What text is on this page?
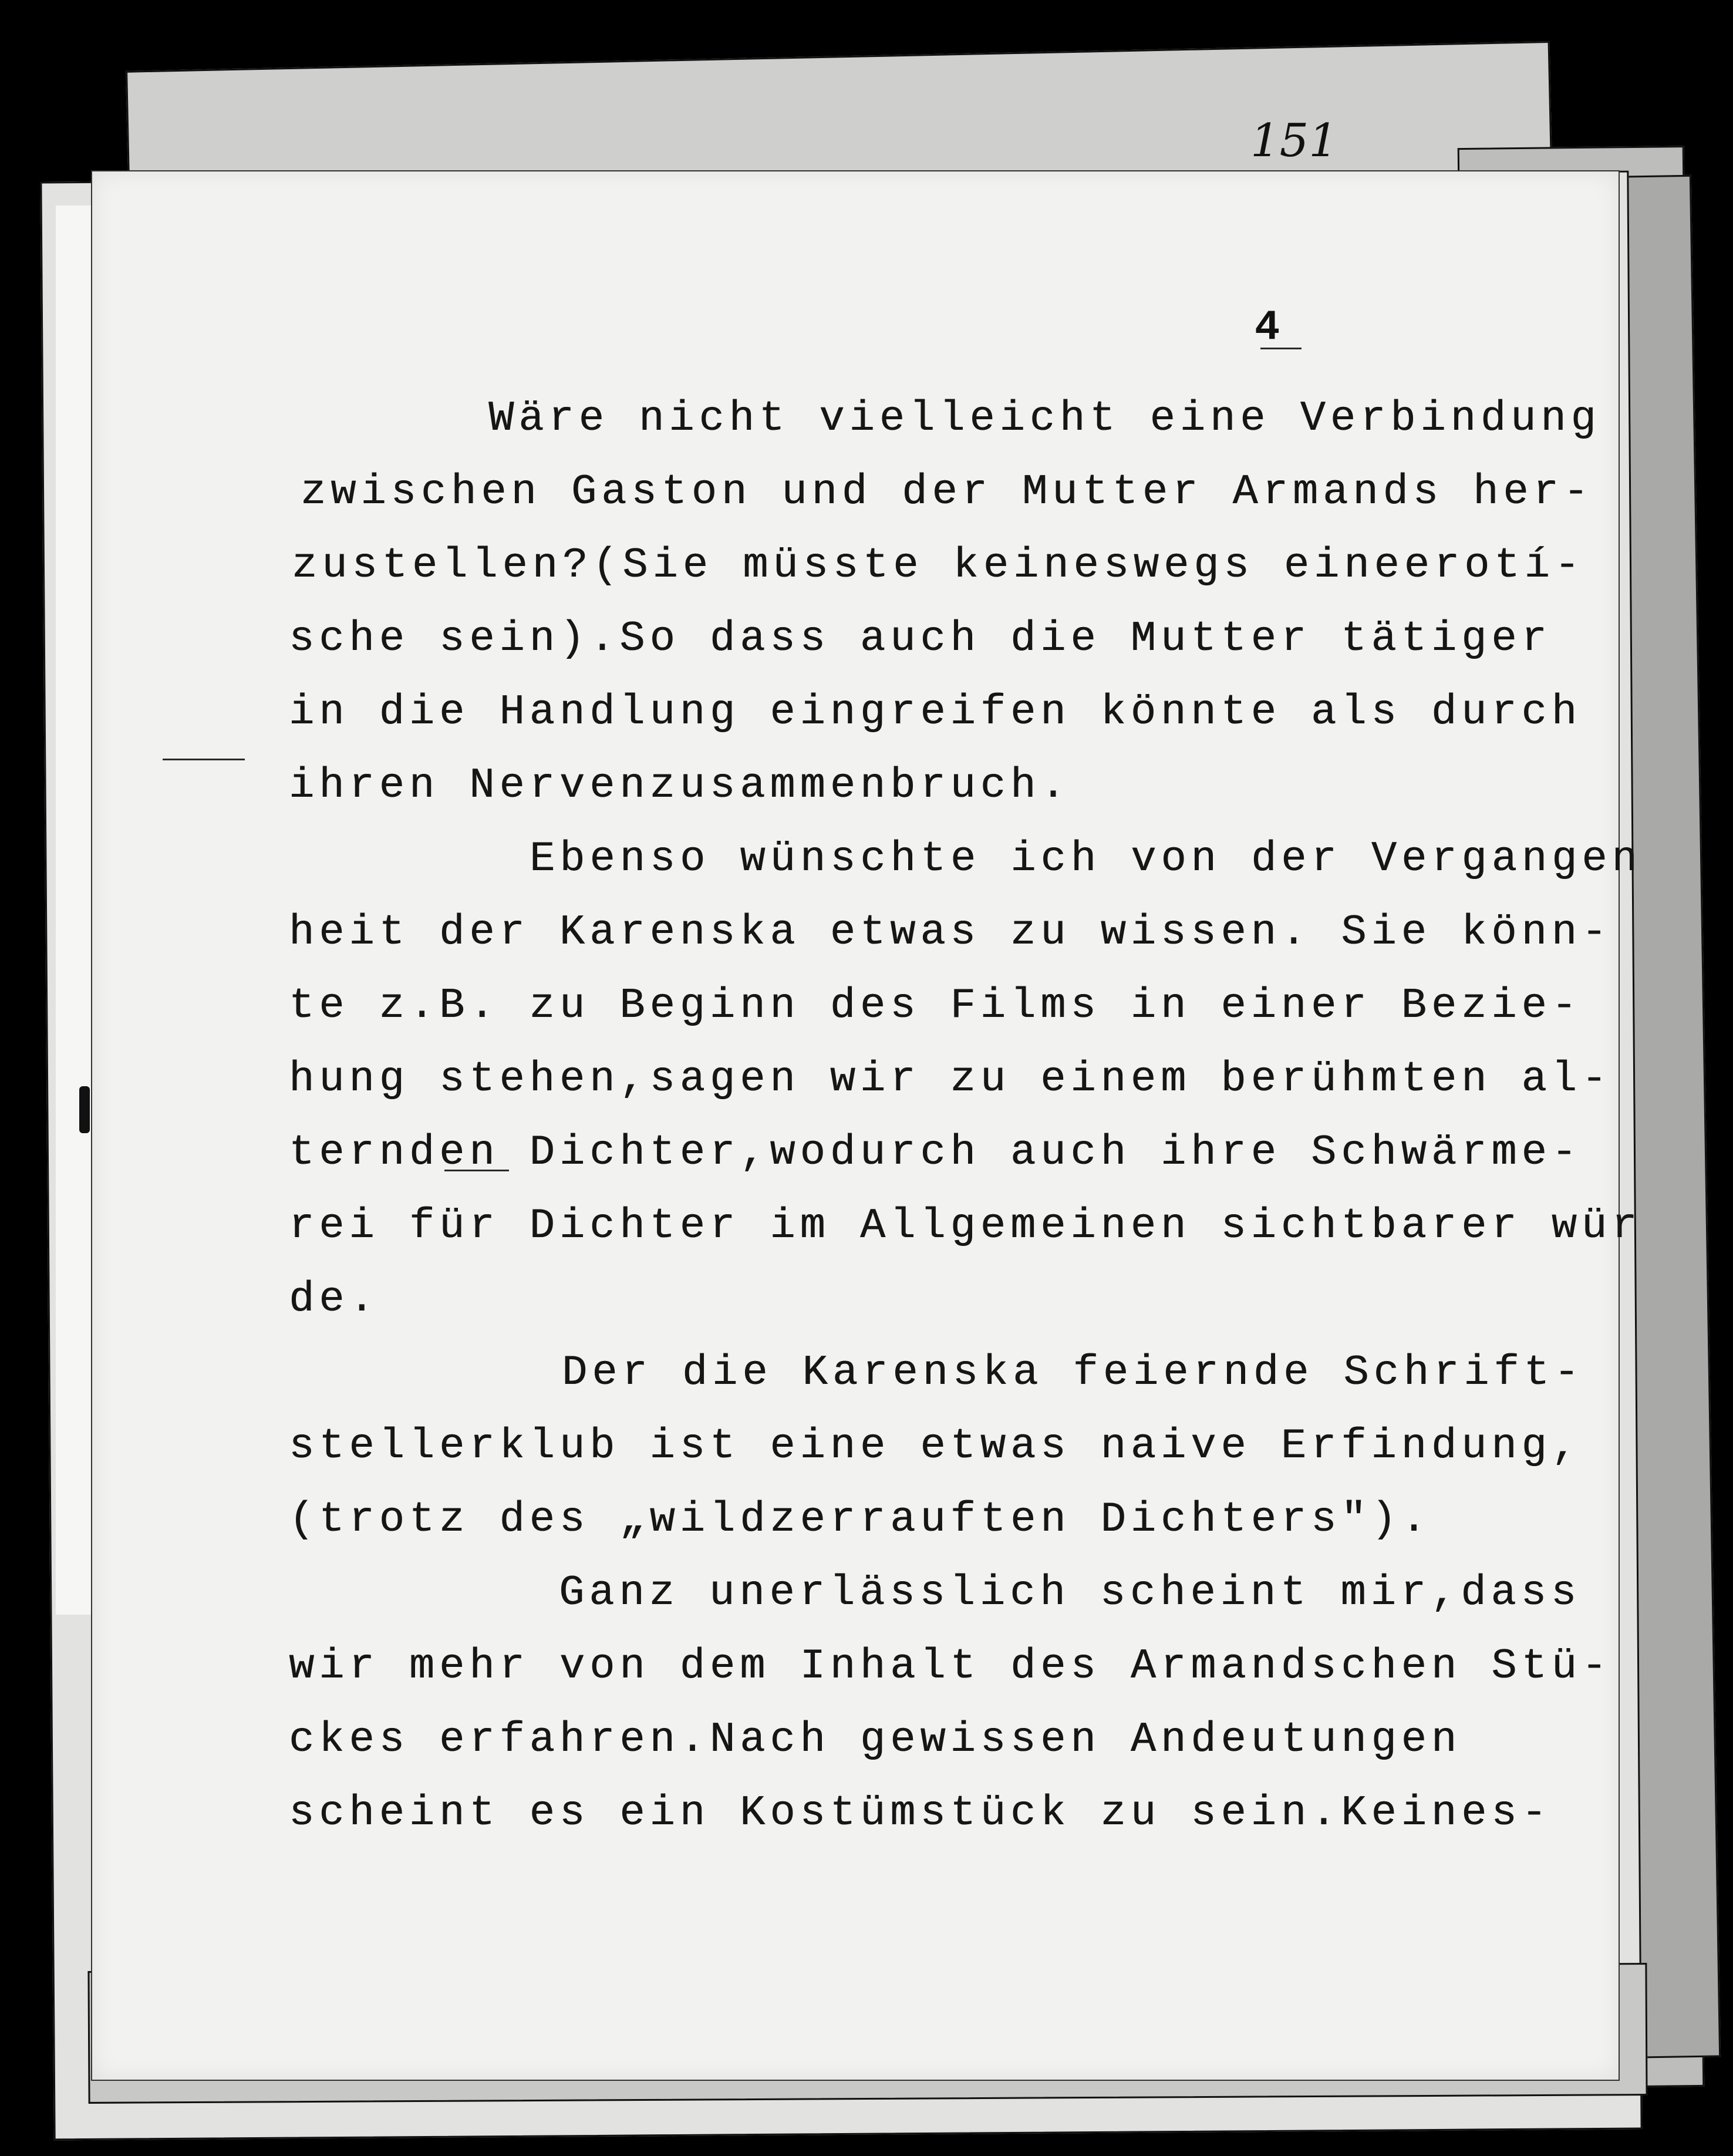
151
4
Wäre nicht vielleicht eine Verbindung
zwischen Gaston und der Mutter Armands her-
zustellen?(Sie müsste keineswegs eineerotí-
sche sein).So dass auch die Mutter tätiger
in die Handlung eingreifen könnte als durch
ihren Nervenzusammenbruch.
Ebenso wünschte ich von der Vergangen
heit der Karenska etwas zu wissen. Sie könn-
te z.B. zu Beginn des Films in einer Bezie-
hung stehen,sagen wir zu einem berühmten al-
ternden Dichter,wodurch auch ihre Schwärme-
rei für Dichter im Allgemeinen sichtbarer wür
de.
Der die Karenska feiernde Schrift-
stellerklub ist eine etwas naive Erfindung,
(trotz des „wildzerrauften Dichters").
Ganz unerlässlich scheint mir,dass
wir mehr von dem Inhalt des Armandschen Stü-
ckes erfahren.Nach gewissen Andeutungen
scheint es ein Kostümstück zu sein.Keines-
